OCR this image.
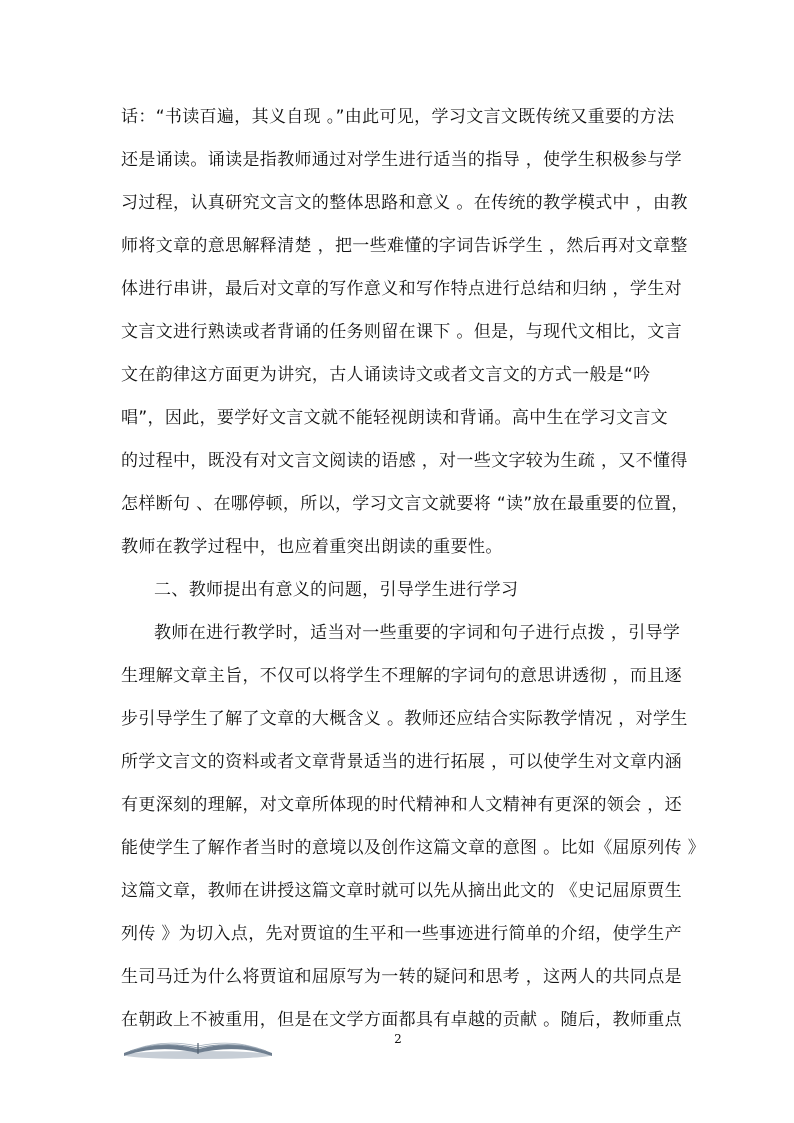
话：“书读百遍，其义自现 。”由此可见，学习文言文既传统又重要的方法
还是诵读。诵读是指教师通过对学生进行适当的指导 ，使学生积极参与学
习过程，认真研究文言文的整体思路和意义 。在传统的教学模式中 ，由教
师将文章的意思解释清楚 ，把一些难懂的字词告诉学生 ，然后再对文章整
体进行串讲，最后对文章的写作意义和写作特点进行总结和归纳 ，学生对
文言文进行熟读或者背诵的任务则留在课下 。但是，与现代文相比，文言
文在韵律这方面更为讲究，古人诵读诗文或者文言文的方式一般是“吟
唱”，因此，要学好文言文就不能轻视朗读和背诵。高中生在学习文言文
的过程中，既没有对文言文阅读的语感 ，对一些文字较为生疏 ，又不懂得
怎样断句 、在哪停顿，所以，学习文言文就要将 “读”放在最重要的位置，
教师在教学过程中，也应着重突出朗读的重要性。
二、教师提出有意义的问题，引导学生进行学习
教师在进行教学时，适当对一些重要的字词和句子进行点拨 ，引导学
生理解文章主旨，不仅可以将学生不理解的字词句的意思讲透彻 ，而且逐
步引导学生了解了文章的大概含义 。教师还应结合实际教学情况 ，对学生
所学文言文的资料或者文章背景适当的进行拓展 ，可以使学生对文章内涵
有更深刻的理解，对文章所体现的时代精神和人文精神有更深的领会 ，还
能使学生了解作者当时的意境以及创作这篇文章的意图 。比如《屈原列传 》
这篇文章，教师在讲授这篇文章时就可以先从摘出此文的 《史记屈原贾生
列传 》为切入点，先对贾谊的生平和一些事迹进行简单的介绍，使学生产
生司马迁为什么将贾谊和屈原写为一转的疑问和思考 ，这两人的共同点是
在朝政上不被重用，但是在文学方面都具有卓越的贡献 。随后，教师重点
2
